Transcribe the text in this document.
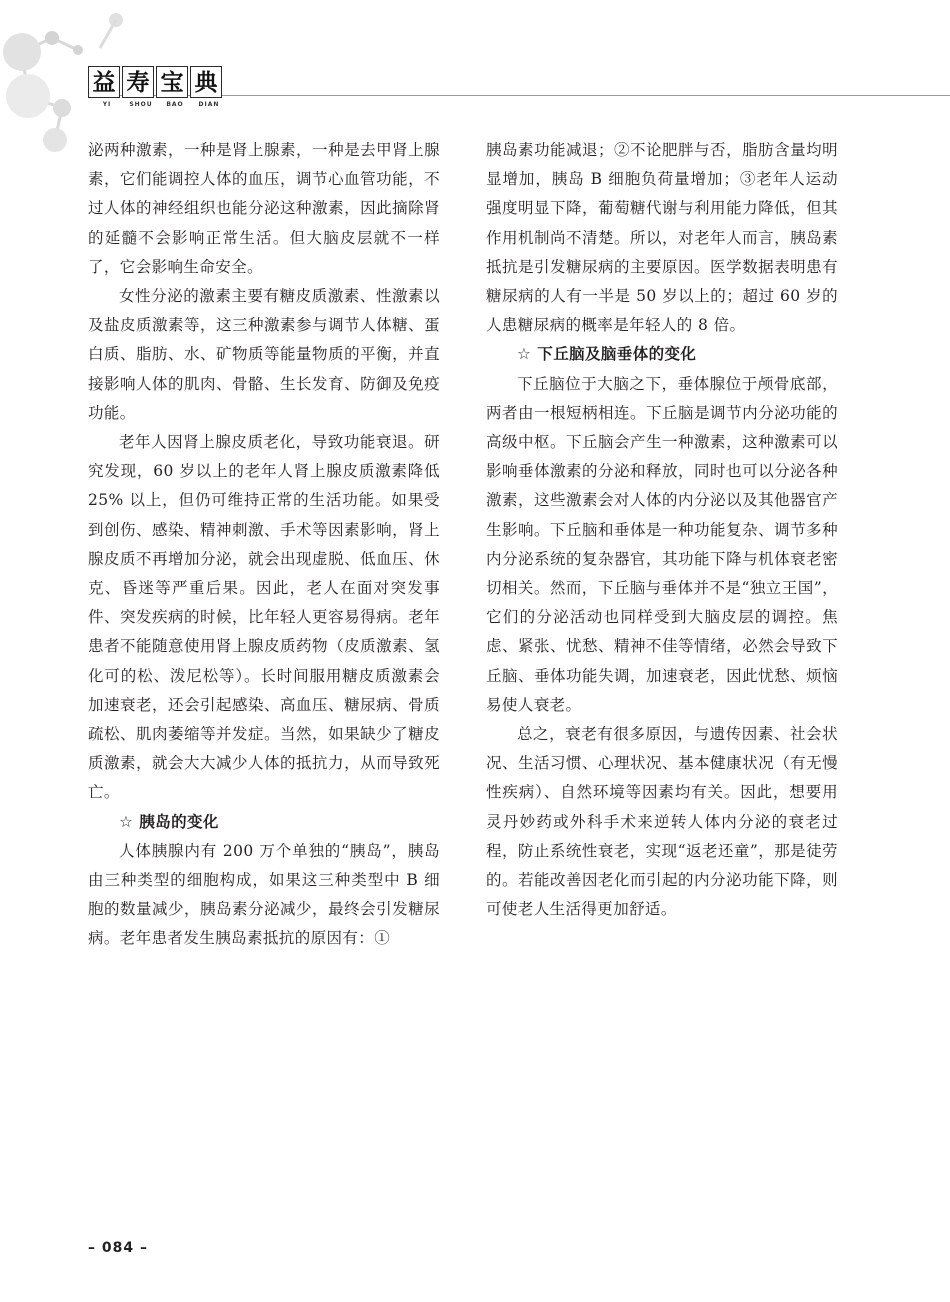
益 寿 宝 典
YI	SHOU	BAO	DIAN

泌两种激素，一种是肾上腺素，一种是去甲肾上腺素，它们能调控人体的血压，调节心血管功能，不过人体的神经组织也能分泌这种激素，因此摘除肾的延髓不会影响正常生活。但大脑皮层就不一样了，它会影响生命安全。

女性分泌的激素主要有糖皮质激素、性激素以及盐皮质激素等，这三种激素参与调节人体糖、蛋白质、脂肪、水、矿物质等能量物质的平衡，并直接影响人体的肌肉、骨骼、生长发育、防御及免疫功能。

老年人因肾上腺皮质老化，导致功能衰退。研究发现，60 岁以上的老年人肾上腺皮质激素降低 25% 以上，但仍可维持正常的生活功能。如果受到创伤、感染、精神刺激、手术等因素影响，肾上腺皮质不再增加分泌，就会出现虚脱、低血压、休克、昏迷等严重后果。因此，老人在面对突发事件、突发疾病的时候，比年轻人更容易得病。老年患者不能随意使用肾上腺皮质药物（皮质激素、氢化可的松、泼尼松等）。长时间服用糖皮质激素会加速衰老，还会引起感染、高血压、糖尿病、骨质疏松、肌肉萎缩等并发症。当然，如果缺少了糖皮质激素，就会大大减少人体的抵抗力，从而导致死亡。

☆ 胰岛的变化

人体胰腺内有 200 万个单独的“胰岛”，胰岛由三种类型的细胞构成，如果这三种类型中 B 细胞的数量减少，胰岛素分泌减少，最终会引发糖尿病。老年患者发生胰岛素抵抗的原因有：①

胰岛素功能减退；②不论肥胖与否，脂肪含量均明显增加，胰岛 B 细胞负荷量增加；③老年人运动强度明显下降，葡萄糖代谢与利用能力降低，但其作用机制尚不清楚。所以，对老年人而言，胰岛素抵抗是引发糖尿病的主要原因。医学数据表明患有糖尿病的人有一半是 50 岁以上的；超过 60 岁的人患糖尿病的概率是年轻人的 8 倍。

☆ 下丘脑及脑垂体的变化

下丘脑位于大脑之下，垂体腺位于颅骨底部，两者由一根短柄相连。下丘脑是调节内分泌功能的高级中枢。下丘脑会产生一种激素，这种激素可以影响垂体激素的分泌和释放，同时也可以分泌各种激素，这些激素会对人体的内分泌以及其他器官产生影响。下丘脑和垂体是一种功能复杂、调节多种内分泌系统的复杂器官，其功能下降与机体衰老密切相关。然而，下丘脑与垂体并不是“独立王国”，它们的分泌活动也同样受到大脑皮层的调控。焦虑、紧张、忧愁、精神不佳等情绪，必然会导致下丘脑、垂体功能失调，加速衰老，因此忧愁、烦恼易使人衰老。

总之，衰老有很多原因，与遗传因素、社会状况、生活习惯、心理状况、基本健康状况（有无慢性疾病）、自然环境等因素均有关。因此，想要用灵丹妙药或外科手术来逆转人体内分泌的衰老过程，防止系统性衰老，实现“返老还童”，那是徒劳的。若能改善因老化而引起的内分泌功能下降，则可使老人生活得更加舒适。

– 084 –
